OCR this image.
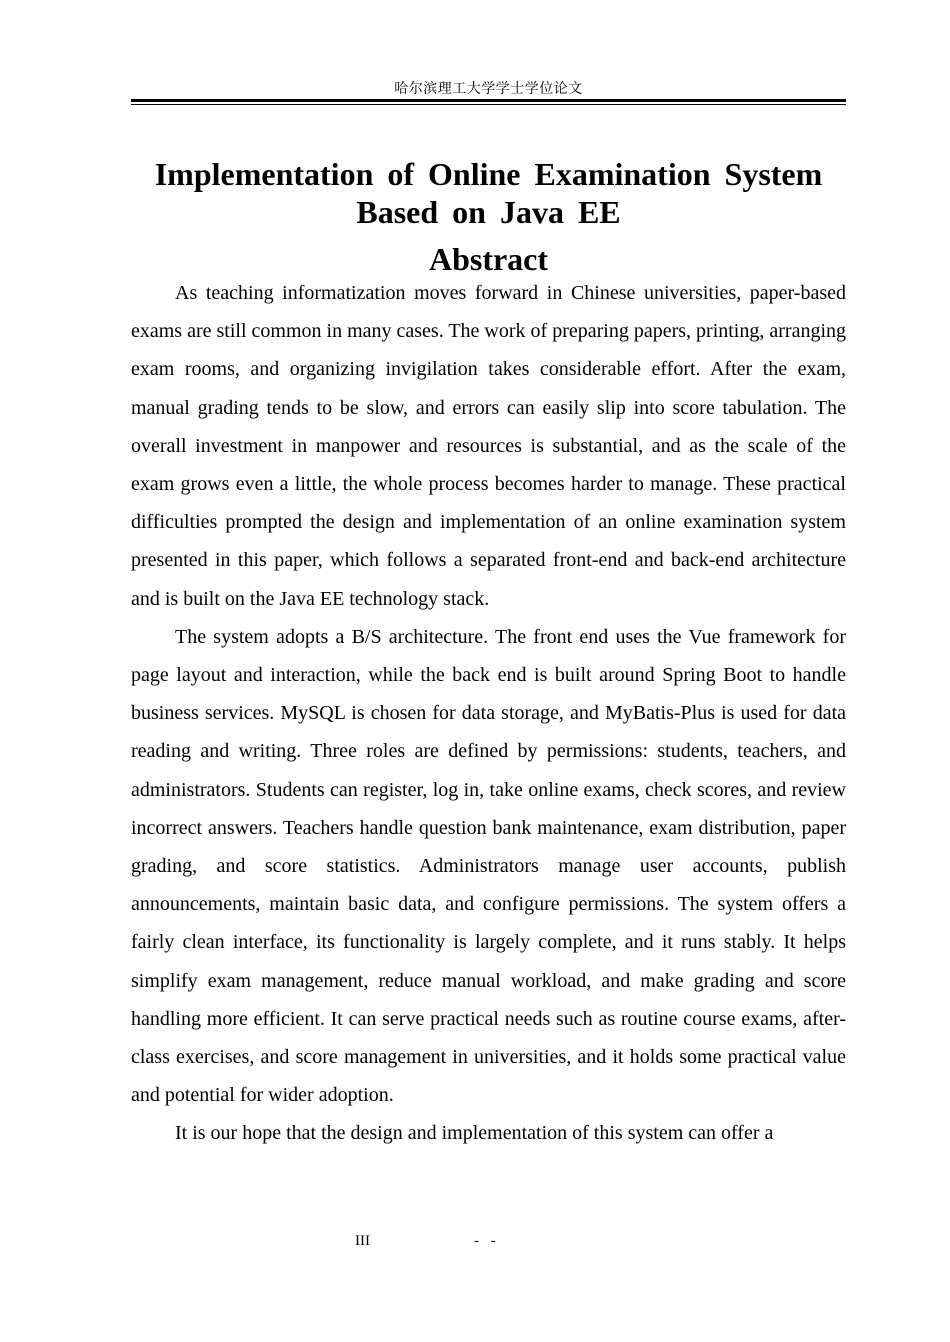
哈尔滨理工大学学士学位论文
Implementation of Online Examination System Based on Java EE
Abstract

As teaching informatization moves forward in Chinese universities, paper-based exams are still common in many cases. The work of preparing papers, printing, arranging exam rooms, and organizing invigilation takes considerable effort. After the exam, manual grading tends to be slow, and errors can easily slip into score tabulation. The overall investment in manpower and resources is substantial, and as the scale of the exam grows even a little, the whole process becomes harder to manage. These practical difficulties prompted the design and implementation of an online examination system presented in this paper, which follows a separated front-end and back-end architecture and is built on the Java EE technology stack.

The system adopts a B/S architecture. The front end uses the Vue framework for page layout and interaction, while the back end is built around Spring Boot to handle business services. MySQL is chosen for data storage, and MyBatis-Plus is used for data reading and writing. Three roles are defined by permissions: students, teachers, and administrators. Students can register, log in, take online exams, check scores, and review incorrect answers. Teachers handle question bank maintenance, exam distribution, paper grading, and score statistics. Administrators manage user accounts, publish announcements, maintain basic data, and configure permissions. The system offers a fairly clean interface, its functionality is largely complete, and it runs stably. It helps simplify exam management, reduce manual workload, and make grading and score handling more efficient. It can serve practical needs such as routine course exams, after-class exercises, and score management in universities, and it holds some practical value and potential for wider adoption.

It is our hope that the design and implementation of this system can offer a

III	- -
